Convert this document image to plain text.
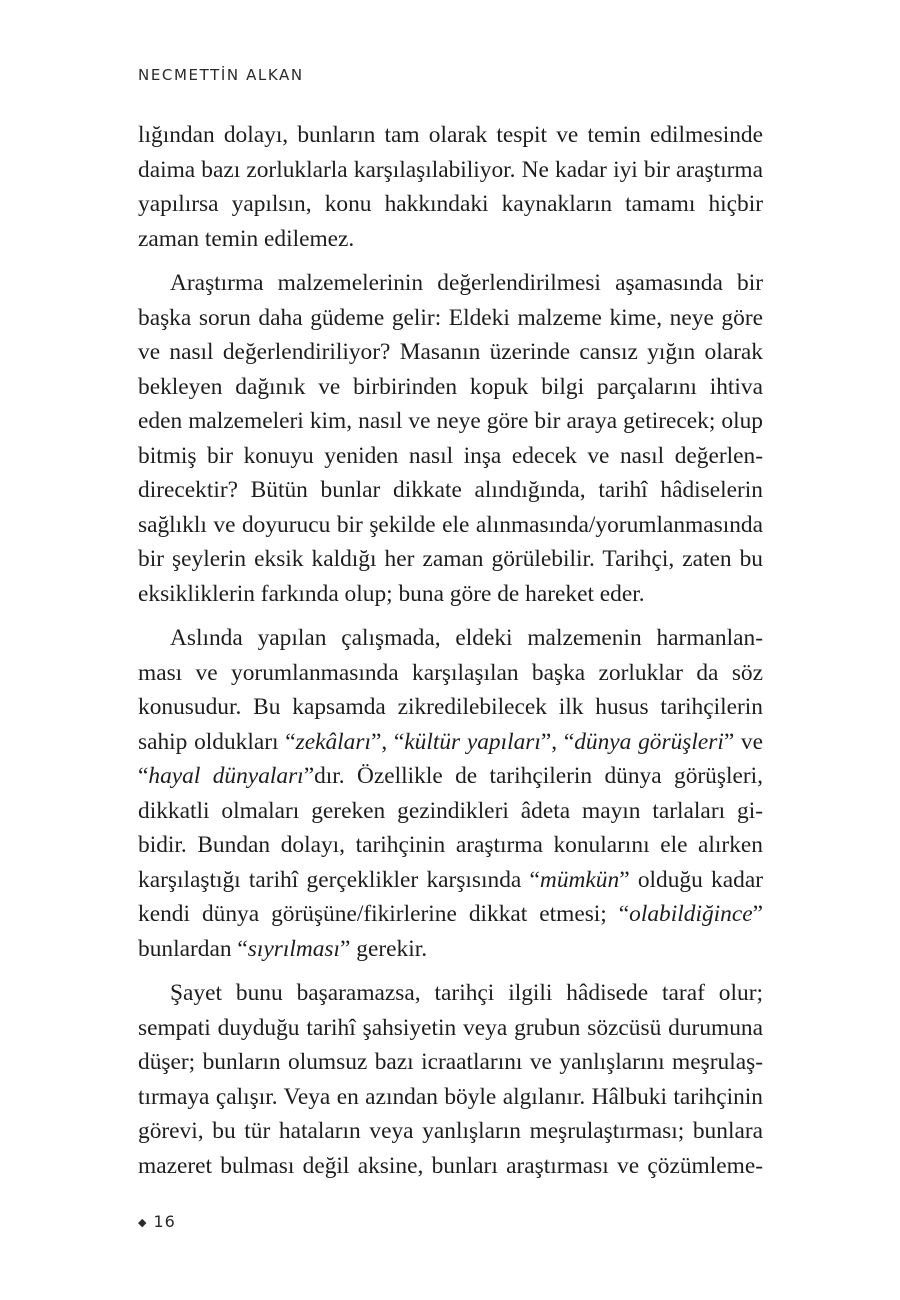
NECMETTİN ALKAN
lığından dolayı, bunların tam olarak tespit ve temin edilmesinde
daima bazı zorluklarla karşılaşılabiliyor. Ne kadar iyi bir araştırma
yapılırsa yapılsın, konu hakkındaki kaynakların tamamı hiçbir
zaman temin edilemez.
Araştırma malzemelerinin değerlendirilmesi aşamasında bir
başka sorun daha güdeme gelir: Eldeki malzeme kime, neye göre
ve nasıl değerlendiriliyor? Masanın üzerinde cansız yığın olarak
bekleyen dağınık ve birbirinden kopuk bilgi parçalarını ihtiva
eden malzemeleri kim, nasıl ve neye göre bir araya getirecek; olup
bitmiş bir konuyu yeniden nasıl inşa edecek ve nasıl değerlen-
direcektir? Bütün bunlar dikkate alındığında, tarihî hâdiselerin
sağlıklı ve doyurucu bir şekilde ele alınmasında/yorumlanmasında
bir şeylerin eksik kaldığı her zaman görülebilir. Tarihçi, zaten bu
eksikliklerin farkında olup; buna göre de hareket eder.
Aslında yapılan çalışmada, eldeki malzemenin harmanlan-
ması ve yorumlanmasında karşılaşılan başka zorluklar da söz
konusudur. Bu kapsamda zikredilebilecek ilk husus tarihçilerin
sahip oldukları “zekâları”, “kültür yapıları”, “dünya görüşleri” ve
“hayal dünyaları”dır. Özellikle de tarihçilerin dünya görüşleri,
dikkatli olmaları gereken gezindikleri âdeta mayın tarlaları gi-
bidir. Bundan dolayı, tarihçinin araştırma konularını ele alırken
karşılaştığı tarihî gerçeklikler karşısında “mümkün” olduğu kadar
kendi dünya görüşüne/fikirlerine dikkat etmesi; “olabildiğince”
bunlardan “sıyrılması” gerekir.
Şayet bunu başaramazsa, tarihçi ilgili hâdisede taraf olur;
sempati duyduğu tarihî şahsiyetin veya grubun sözcüsü durumuna
düşer; bunların olumsuz bazı icraatlarını ve yanlışlarını meşrulaş-
tırmaya çalışır. Veya en azından böyle algılanır. Hâlbuki tarihçinin
görevi, bu tür hataların veya yanlışların meşrulaştırması; bunlara
mazeret bulması değil aksine, bunları araştırması ve çözümleme-
◆ 16
